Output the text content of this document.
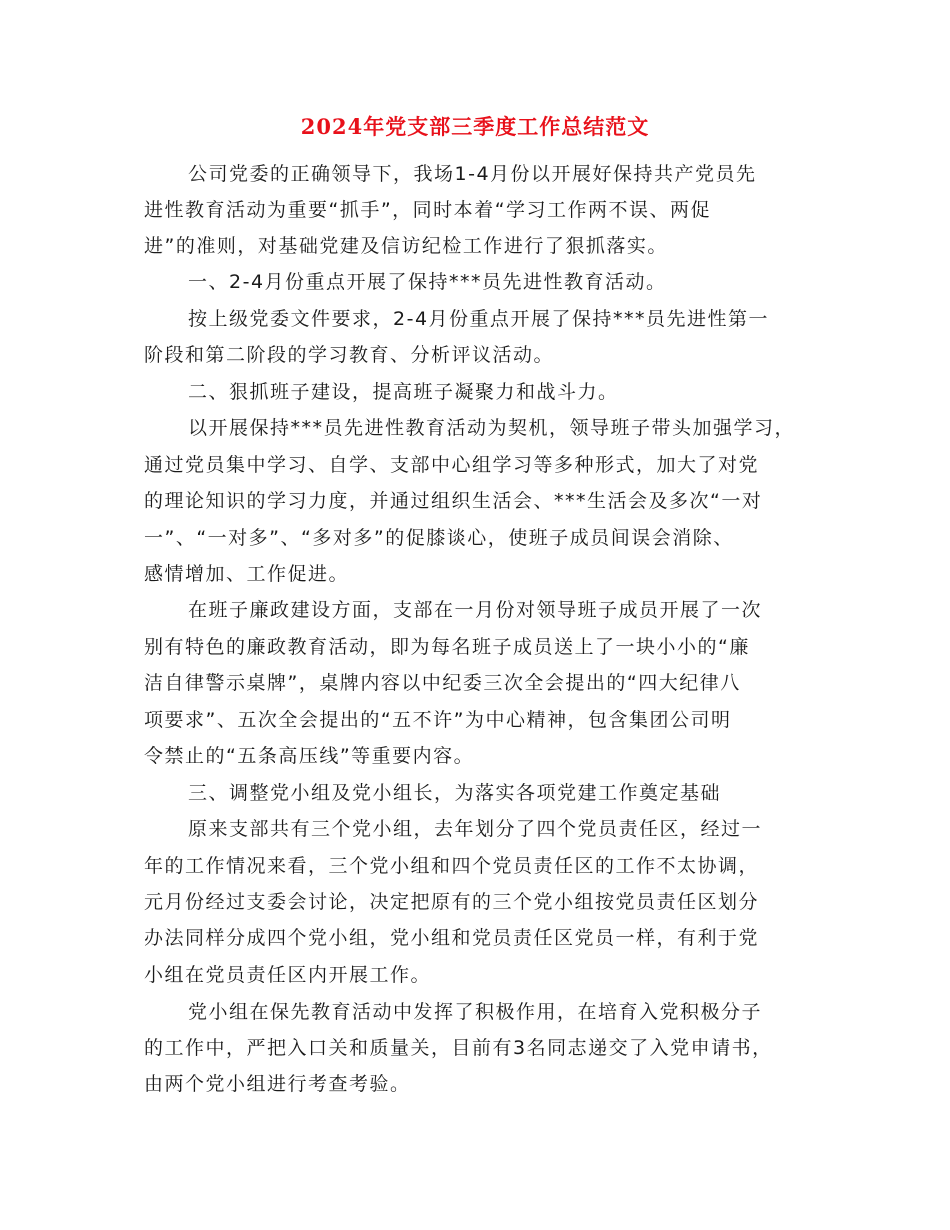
2024年党支部三季度工作总结范文
公司党委的正确领导下，我场1-4月份以开展好保持共产党员先
进性教育活动为重要“抓手”，同时本着“学习工作两不误、两促
进”的准则，对基础党建及信访纪检工作进行了狠抓落实。
一、2-4月份重点开展了保持***员先进性教育活动。
按上级党委文件要求，2-4月份重点开展了保持***员先进性第一
阶段和第二阶段的学习教育、分析评议活动。
二、狠抓班子建设，提高班子凝聚力和战斗力。
以开展保持***员先进性教育活动为契机，领导班子带头加强学习，
通过党员集中学习、自学、支部中心组学习等多种形式，加大了对党
的理论知识的学习力度，并通过组织生活会、***生活会及多次“一对
一”、“一对多”、“多对多”的促膝谈心，使班子成员间误会消除、
感情增加、工作促进。
在班子廉政建设方面，支部在一月份对领导班子成员开展了一次
别有特色的廉政教育活动，即为每名班子成员送上了一块小小的“廉
洁自律警示桌牌”，桌牌内容以中纪委三次全会提出的“四大纪律八
项要求”、五次全会提出的“五不许”为中心精神，包含集团公司明
令禁止的“五条高压线”等重要内容。
三、调整党小组及党小组长，为落实各项党建工作奠定基础
原来支部共有三个党小组，去年划分了四个党员责任区，经过一
年的工作情况来看，三个党小组和四个党员责任区的工作不太协调，
元月份经过支委会讨论，决定把原有的三个党小组按党员责任区划分
办法同样分成四个党小组，党小组和党员责任区党员一样，有利于党
小组在党员责任区内开展工作。
党小组在保先教育活动中发挥了积极作用，在培育入党积极分子
的工作中，严把入口关和质量关，目前有3名同志递交了入党申请书，
由两个党小组进行考查考验。
